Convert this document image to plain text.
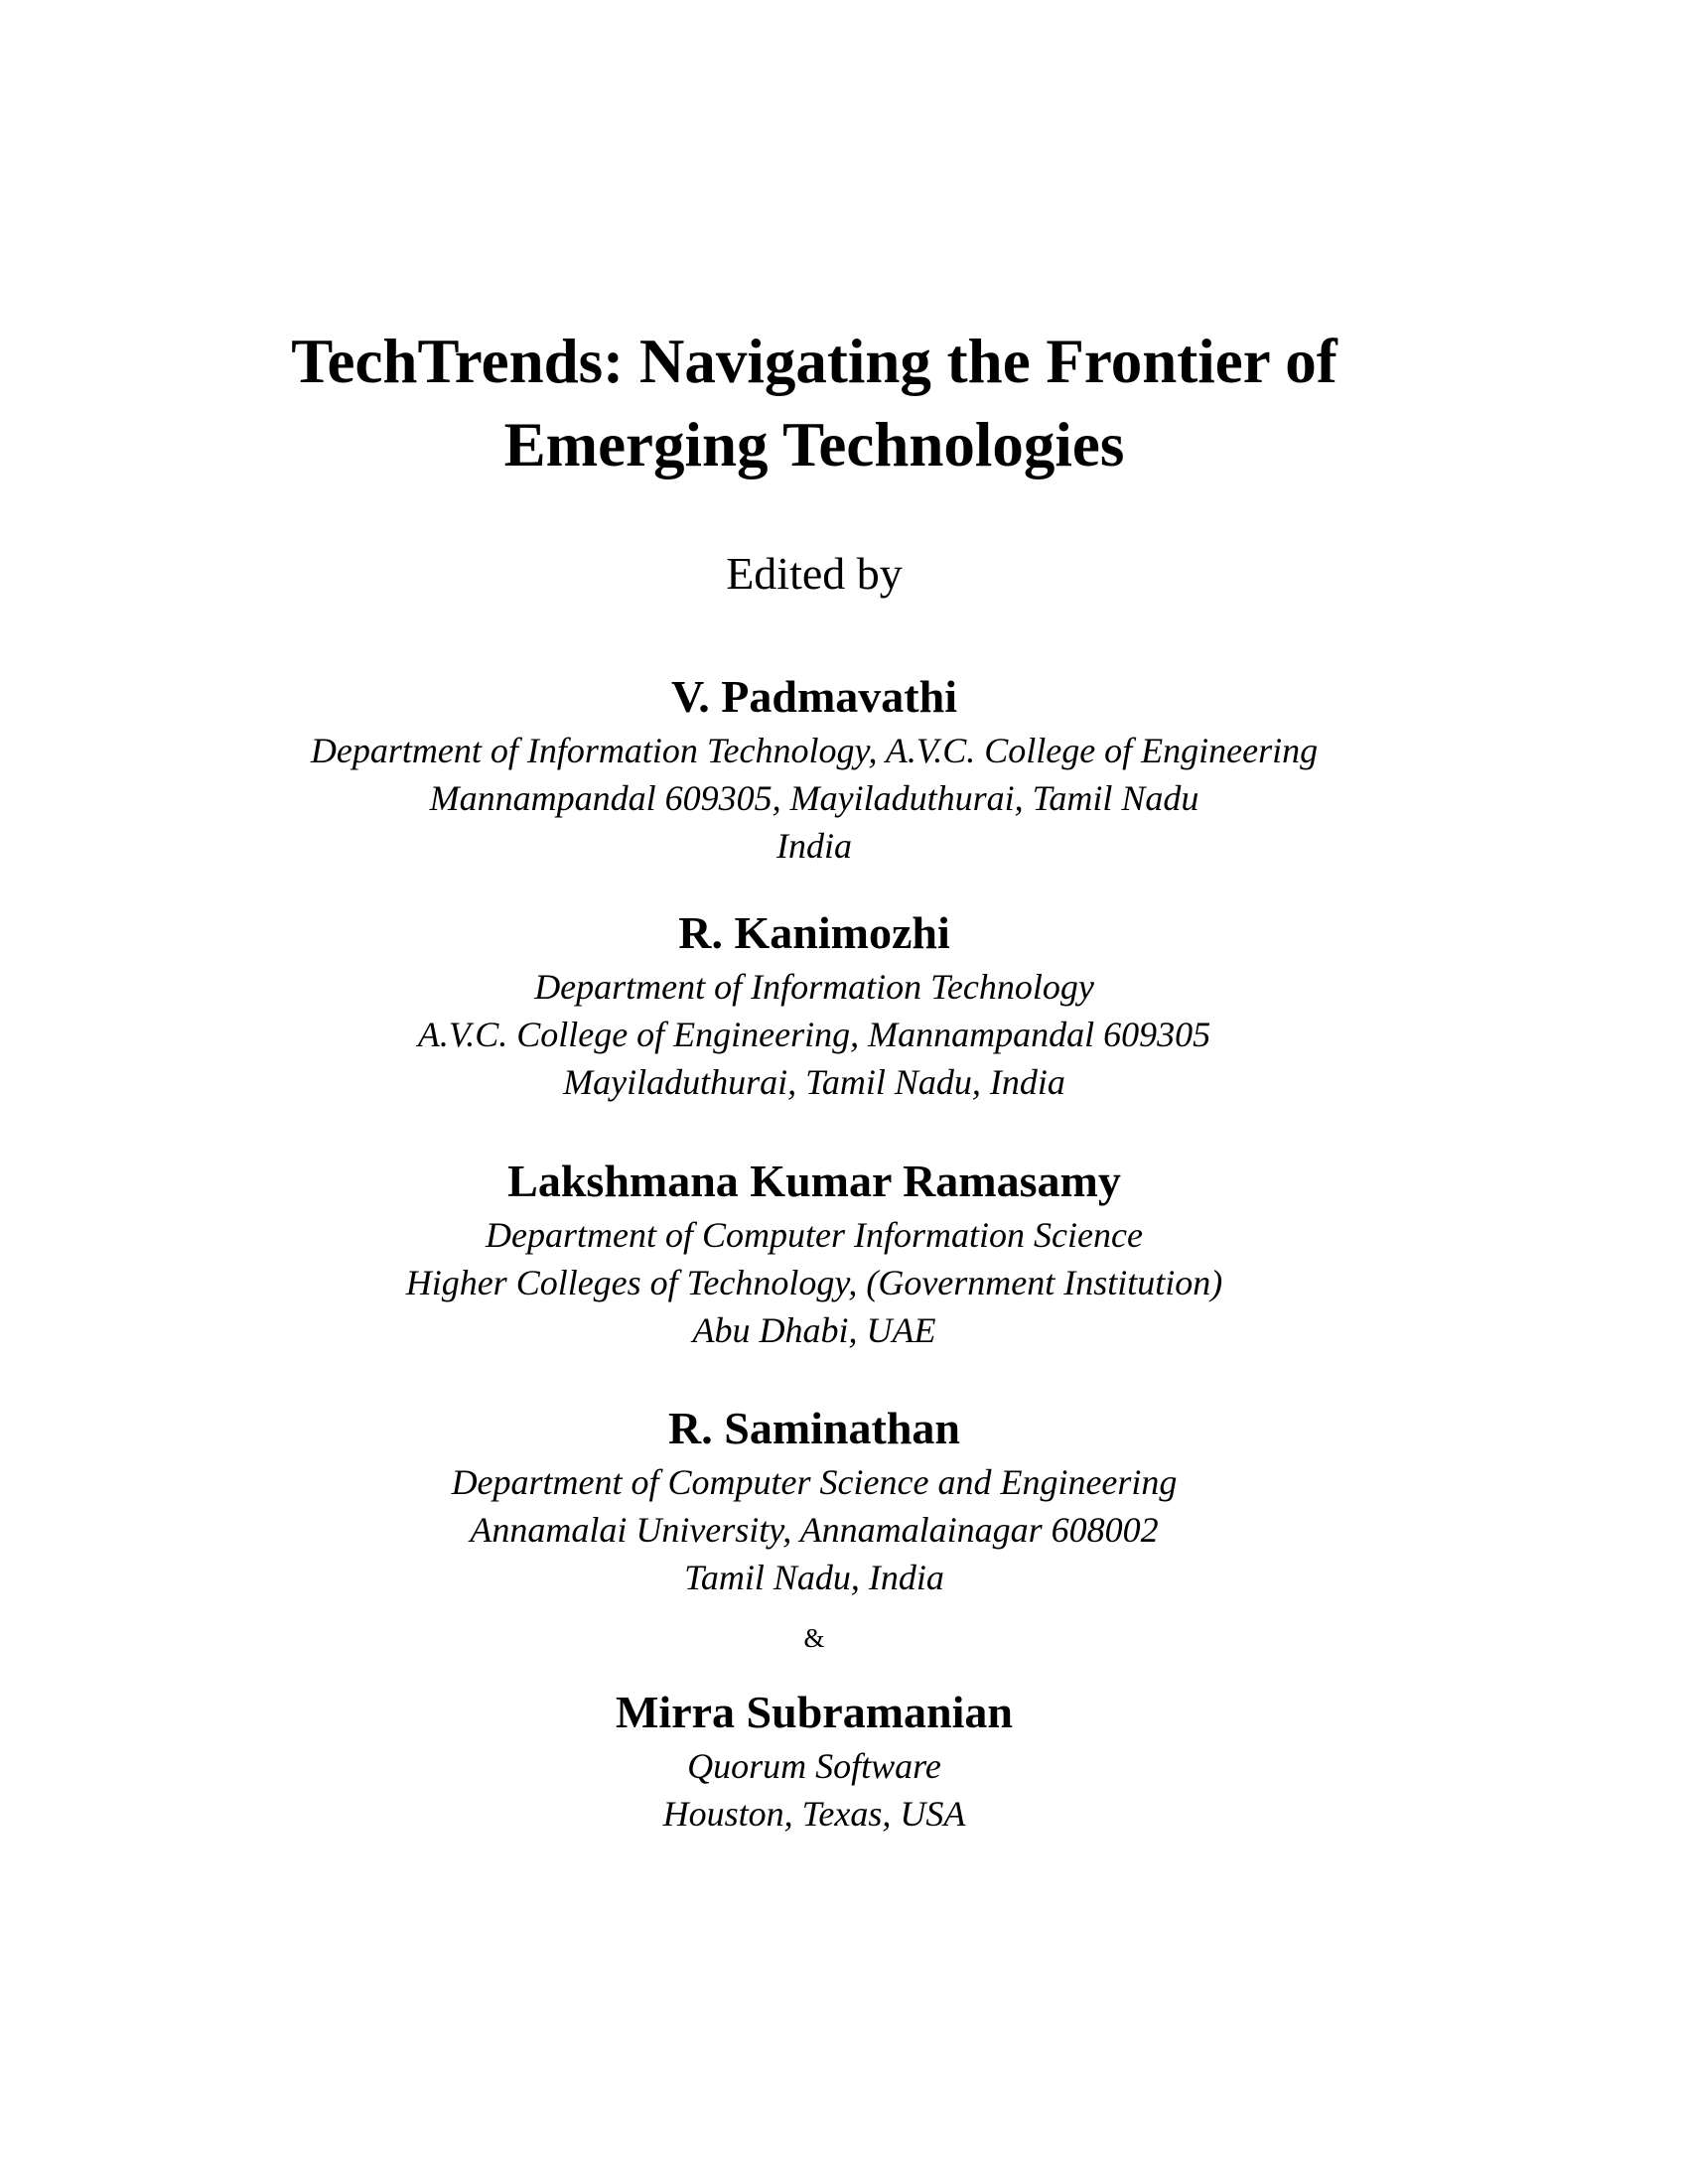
TechTrends: Navigating the Frontier of
Emerging Technologies

Edited by

V. Padmavathi

Department of Information Technology, A.V.C. College of Engineering
Mannampandal 609305, Mayiladuthurai, Tamil Nadu
India

R. Kanimozhi

Department of Information Technology
A.V.C. College of Engineering, Mannampandal 609305
Mayiladuthurai, Tamil Nadu, India

Lakshmana Kumar Ramasamy

Department of Computer Information Science
Higher Colleges of Technology, (Government Institution)
Abu Dhabi, UAE

R. Saminathan

Department of Computer Science and Engineering
Annamalai University, Annamalainagar 608002
Tamil Nadu, India

&

Mirra Subramanian

Quorum Software
Houston, Texas, USA
